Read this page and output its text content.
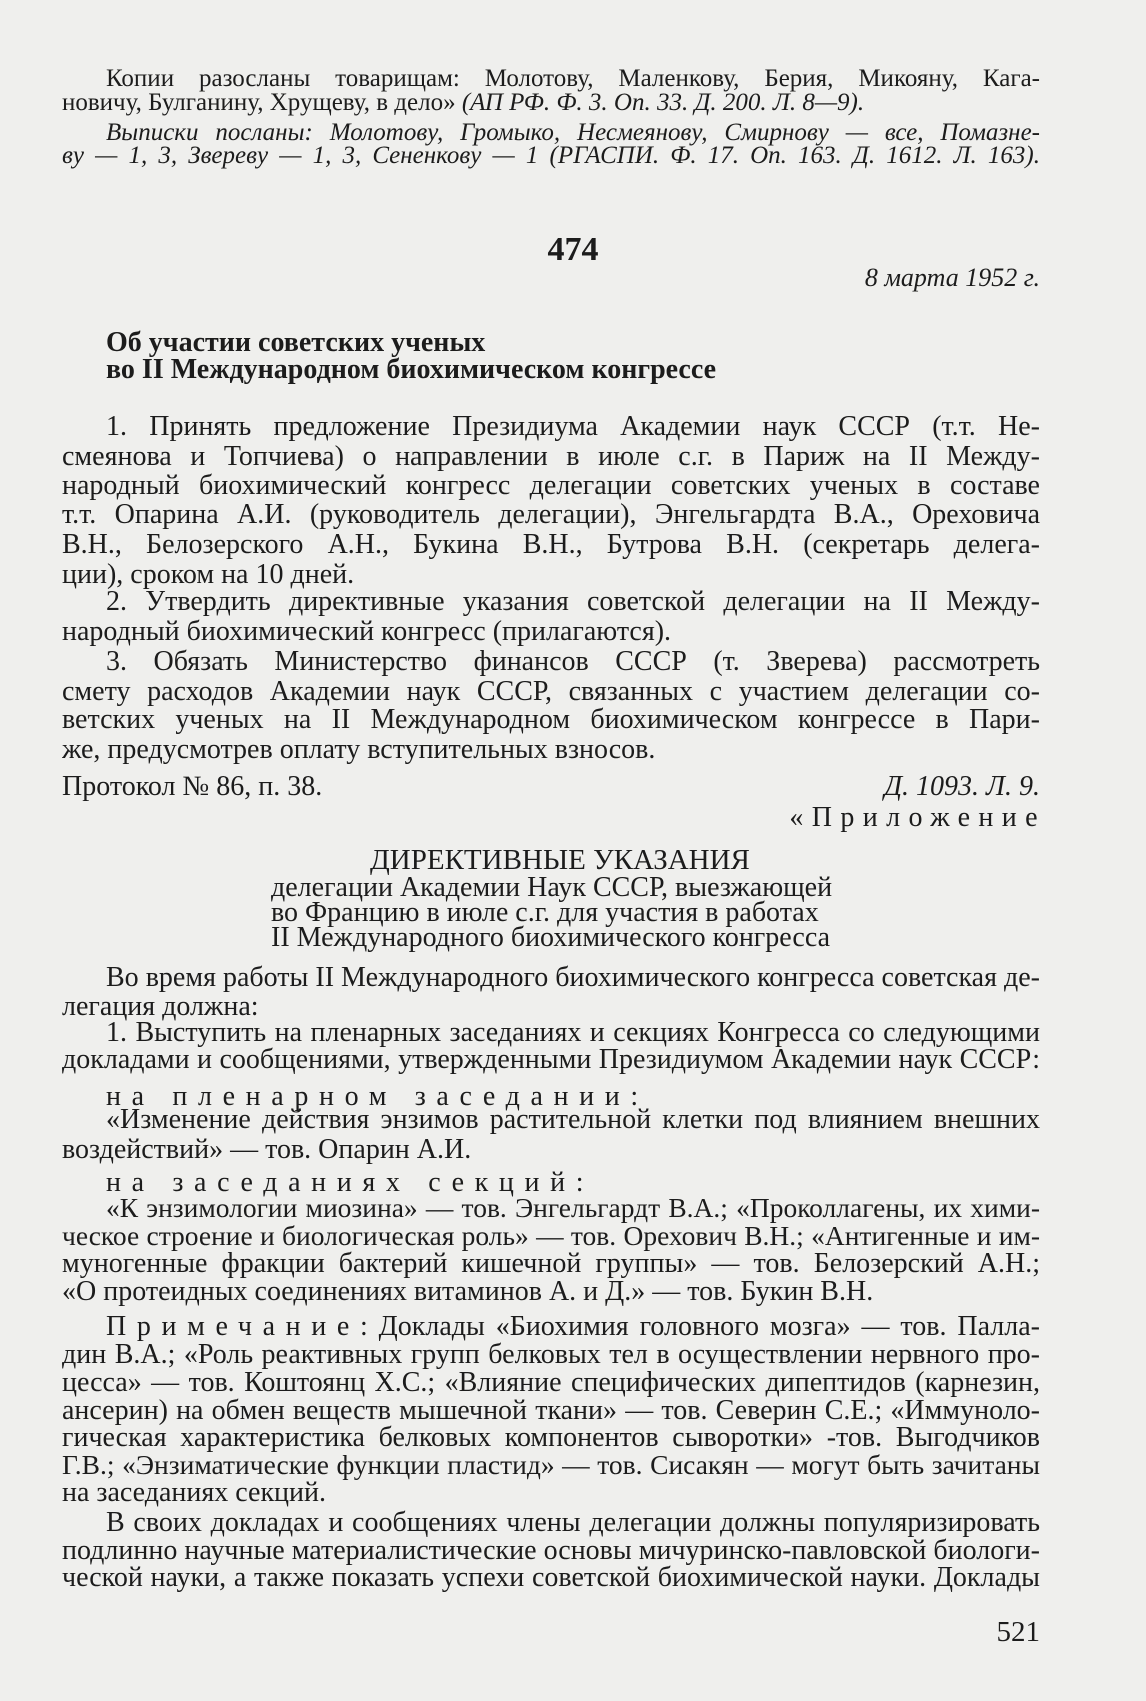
Копии разосланы товарищам: Молотову, Маленкову, Берия, Микояну, Кага-
новичу, Булганину, Хрущеву, в дело» (АП РФ. Ф. 3. Оп. 33. Д. 200. Л. 8—9).
Выписки посланы: Молотову, Громыко, Несмеянову, Смирнову — все, Помазне-
ву — 1, 3, Звереву — 1, 3, Сененкову — 1 (РГАСПИ. Ф. 17. Оп. 163. Д. 1612. Л. 163).
474
8 марта 1952 г.
Об участии советских ученых
во II Международном биохимическом конгрессе
1. Принять предложение Президиума Академии наук СССР (т.т. Не-
смеянова и Топчиева) о направлении в июле с.г. в Париж на II Между-
народный биохимический конгресс делегации советских ученых в составе
т.т. Опарина А.И. (руководитель делегации), Энгельгардта В.А., Ореховича
В.Н., Белозерского А.Н., Букина В.Н., Бутрова В.Н. (секретарь делега-
ции), сроком на 10 дней.
2. Утвердить директивные указания советской делегации на II Между-
народный биохимический конгресс (прилагаются).
3. Обязать Министерство финансов СССР (т. Зверева) рассмотреть
смету расходов Академии наук СССР, связанных с участием делегации со-
ветских ученых на II Международном биохимическом конгрессе в Пари-
же, предусмотрев оплату вступительных взносов.
Протокол № 86, п. 38.	Д. 1093. Л. 9.
«Приложение
ДИРЕКТИВНЫЕ УКАЗАНИЯ
делегации Академии Наук СССР, выезжающей
во Францию в июле с.г. для участия в работах
II Международного биохимического конгресса
Во время работы II Международного биохимического конгресса советская де-
легация должна:
1. Выступить на пленарных заседаниях и секциях Конгресса со следующими
докладами и сообщениями, утвержденными Президиумом Академии наук СССР:
на пленарном заседании:
«Изменение действия энзимов растительной клетки под влиянием внешних
воздействий» — тов. Опарин А.И.
на заседаниях секций:
«К энзимологии миозина» — тов. Энгельгардт В.А.; «Проколлагены, их хими-
ческое строение и биологическая роль» — тов. Орехович В.Н.; «Антигенные и им-
муногенные фракции бактерий кишечной группы» — тов. Белозерский А.Н.;
«О протеидных соединениях витаминов А. и Д.» — тов. Букин В.Н.
дин В.А.; «Роль реактивных групп белковых тел в осуществлении нервного про-
цесса» — тов. Коштоянц Х.С.; «Влияние специфических дипептидов (карнезин,
ансерин) на обмен веществ мышечной ткани» — тов. Северин С.Е.; «Иммуноло-
гическая характеристика белковых компонентов сыворотки» -тов. Выгодчиков
Г.В.; «Энзиматические функции пластид» — тов. Сисакян — могут быть зачитаны
на заседаниях секций.
В своих докладах и сообщениях члены делегации должны популяризировать
подлинно научные материалистические основы мичуринско-павловской биологи-
ческой науки, а также показать успехи советской биохимической науки. Доклады
Примечание: Доклады «Биохимия головного мозга» — тов. Палла-
521
